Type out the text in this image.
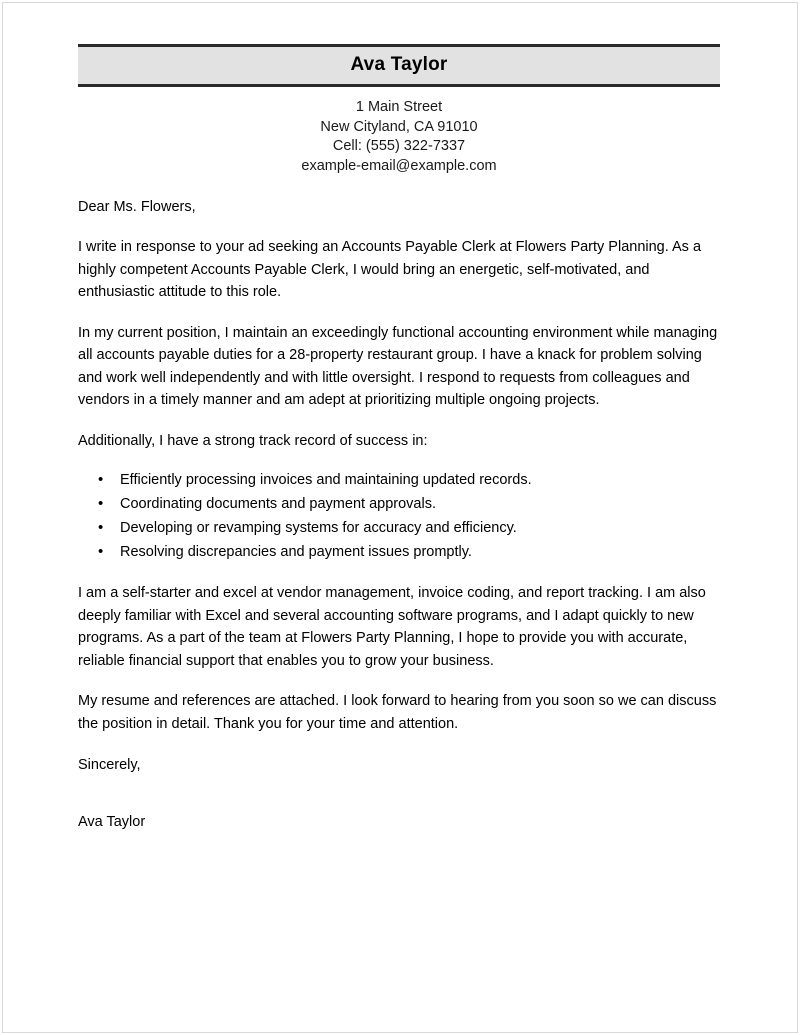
Ava Taylor
1 Main Street
New Cityland, CA 91010
Cell: (555) 322-7337
example-email@example.com
Dear Ms. Flowers,
I write in response to your ad seeking an Accounts Payable Clerk at Flowers Party Planning. As a highly competent Accounts Payable Clerk, I would bring an energetic, self-motivated, and enthusiastic attitude to this role.
In my current position, I maintain an exceedingly functional accounting environment while managing all accounts payable duties for a 28-property restaurant group. I have a knack for problem solving and work well independently and with little oversight. I respond to requests from colleagues and vendors in a timely manner and am adept at prioritizing multiple ongoing projects.
Additionally, I have a strong track record of success in:
• Efficiently processing invoices and maintaining updated records.
• Coordinating documents and payment approvals.
• Developing or revamping systems for accuracy and efficiency.
• Resolving discrepancies and payment issues promptly.
I am a self-starter and excel at vendor management, invoice coding, and report tracking. I am also deeply familiar with Excel and several accounting software programs, and I adapt quickly to new programs. As a part of the team at Flowers Party Planning, I hope to provide you with accurate, reliable financial support that enables you to grow your business.
My resume and references are attached. I look forward to hearing from you soon so we can discuss the position in detail. Thank you for your time and attention.
Sincerely,
Ava Taylor
